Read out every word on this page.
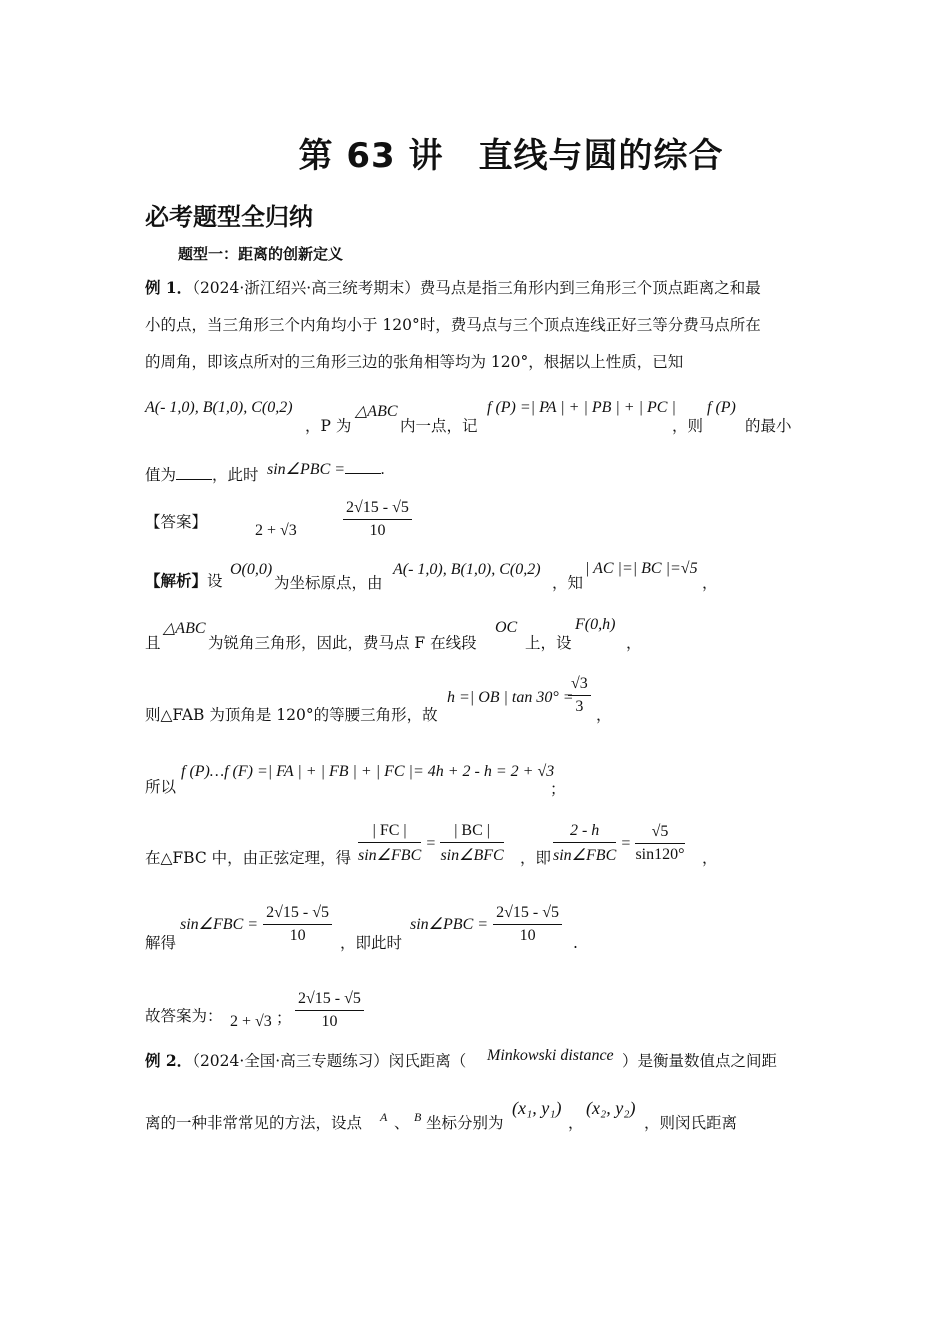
第 63 讲　直线与圆的综合
必考题型全归纳
题型一：距离的创新定义
例 1．（2024·浙江绍兴·高三统考期末）费马点是指三角形内到三角形三个顶点距离之和最
小的点，当三角形三个内角均小于 120°时，费马点与三个顶点连线正好三等分费马点所在
的周角，即该点所对的三角形三边的张角相等均为 120°，根据以上性质，已知
A(- 1,0), B(1,0), C(0,2)
，P 为
△ABC
内一点，记
f (P) =| PA | + | PB | + | PC |
，则
f (P)
的最小
值为 ，此时 sin∠PBC = .
【答案】	2 + √3	$\frac{2√15 - √5}{10}$
【解析】设
O(0,0)
为坐标原点，由
A(- 1,0), B(1,0), C(0,2)
，知
| AC |=| BC |=√5
，
且
△ABC
为锐角三角形，因此，费马点 F 在线段
OC
上，设
F(0,h)
，
则△FAB 为顶角是 120°的等腰三角形，故
h =| OB | tan 30° =
$\frac{√3}{3}$ ，
所以
f (P)…f (F) =| FA | + | FB | + | FC |= 4h + 2 - h = 2 + √3
；
在△FBC 中，由正弦定理，得 $\frac{| FC |}{\text{sin∠FBC}} = \frac{| BC |}{\text{sin∠BFC}}$ ，即 $\frac{2 - h}{\text{sin∠FBC}} = \frac{√5}{\sin 120^\circ}$ ，
解得
sin∠FBC = $\frac{2√15 - √5}{10}$ ，即此时
sin∠PBC = $\frac{2√15 - √5}{10}$ .
故答案为： 2 + √3 ； $\frac{2√15 - √5}{10}$
例 2．（2024·全国·高三专题练习）闵氏距离（ Minkowski distance ）是衡量数值点之间距
离的一种非常常见的方法，设点 A 、 B 坐标分别为
(x₁, y₁)
，
(x₂, y₂)
，则闵氏距离
